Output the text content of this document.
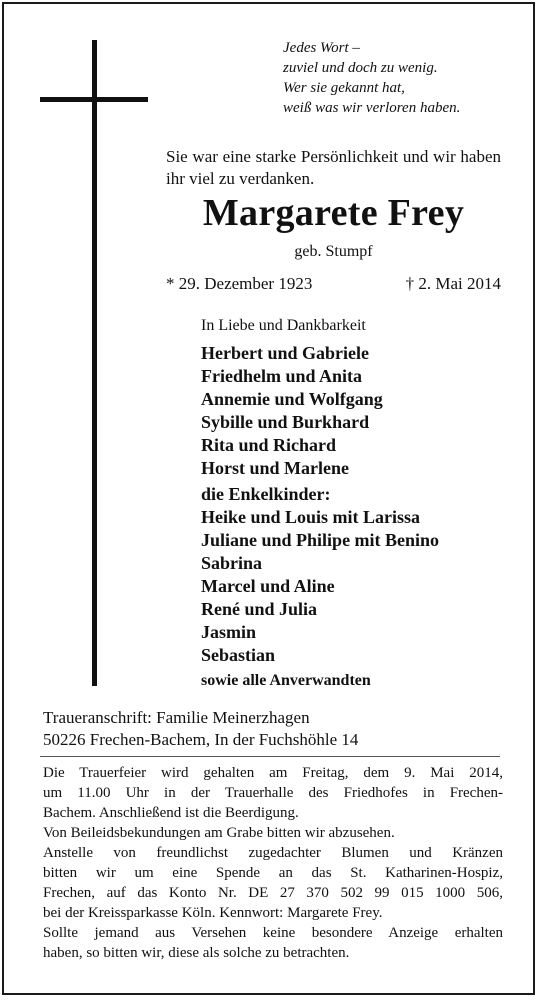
Jedes Wort –
zuviel und doch zu wenig.
Wer sie gekannt hat,
weiß was wir verloren haben.
Sie war eine starke Persönlichkeit und wir haben ihr viel zu verdanken.
Margarete Frey
geb. Stumpf
* 29. Dezember 1923	† 2. Mai 2014
In Liebe und Dankbarkeit
Herbert und Gabriele
Friedhelm und Anita
Annemie und Wolfgang
Sybille und Burkhard
Rita und Richard
Horst und Marlene
die Enkelkinder:
Heike und Louis mit Larissa
Juliane und Philipe mit Benino
Sabrina
Marcel und Aline
René und Julia
Jasmin
Sebastian
sowie alle Anverwandten
Traueranschrift: Familie Meinerzhagen
50226 Frechen-Bachem, In der Fuchshöhle 14
Die Trauerfeier wird gehalten am Freitag, dem 9. Mai 2014,
um 11.00 Uhr in der Trauerhalle des Friedhofes in Frechen-
Bachem. Anschließend ist die Beerdigung.
Von Beileidsbekundungen am Grabe bitten wir abzusehen.
Anstelle von freundlichst zugedachter Blumen und Kränzen
bitten wir um eine Spende an das St. Katharinen-Hospiz,
Frechen, auf das Konto Nr. DE 27 370 502 99 015 1000 506,
bei der Kreissparkasse Köln. Kennwort: Margarete Frey.
Sollte jemand aus Versehen keine besondere Anzeige erhalten
haben, so bitten wir, diese als solche zu betrachten.
